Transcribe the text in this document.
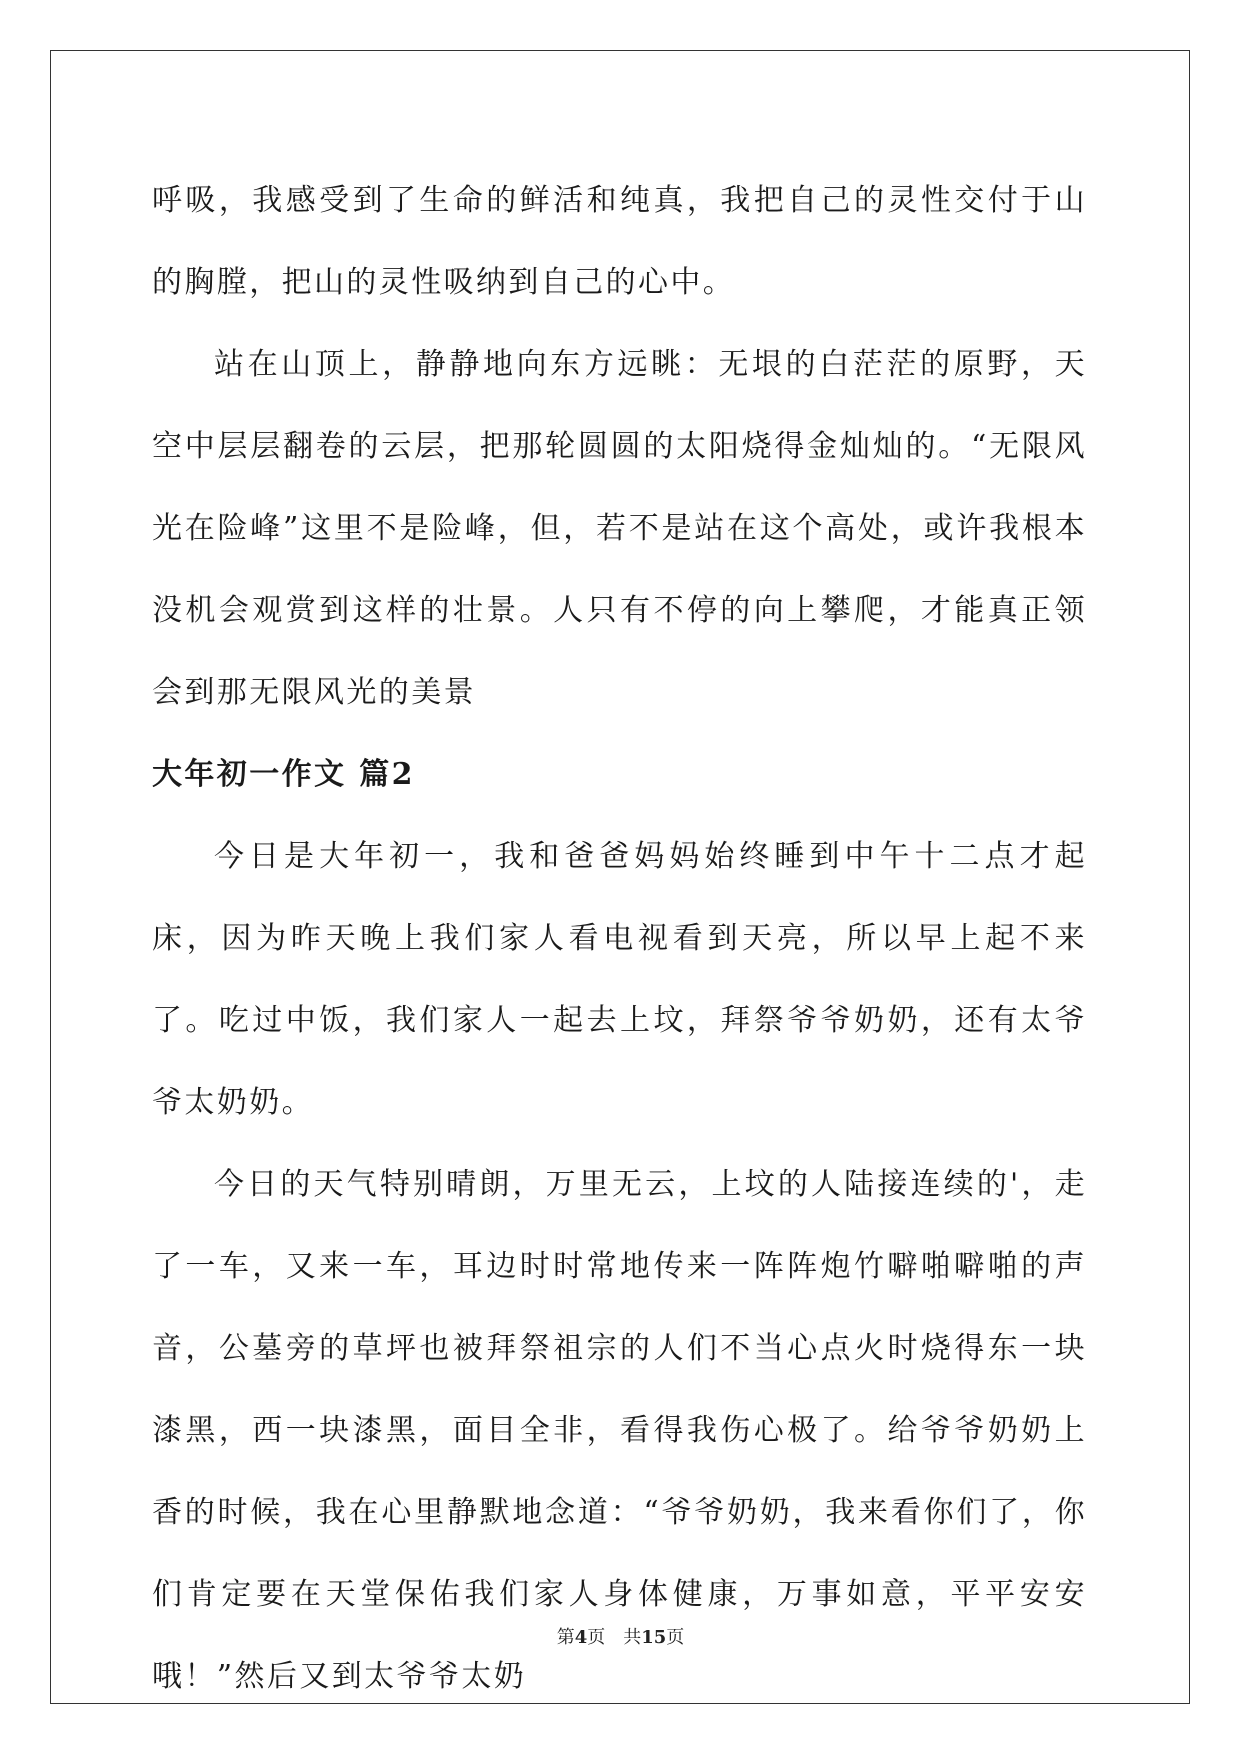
呼吸，我感受到了生命的鲜活和纯真，我把自己的灵性交付于山的胸膛，把山的灵性吸纳到自己的心中。

站在山顶上，静静地向东方远眺：无垠的白茫茫的原野，天空中层层翻卷的云层，把那轮圆圆的太阳烧得金灿灿的。“无限风光在险峰”这里不是险峰，但，若不是站在这个高处，或许我根本没机会观赏到这样的壮景。人只有不停的向上攀爬，才能真正领会到那无限风光的美景

大年初一作文 篇2

今日是大年初一，我和爸爸妈妈始终睡到中午十二点才起床，因为昨天晚上我们家人看电视看到天亮，所以早上起不来了。吃过中饭，我们家人一起去上坟，拜祭爷爷奶奶，还有太爷爷太奶奶。

今日的天气特别晴朗，万里无云，上坟的人陆接连续的'，走了一车，又来一车，耳边时时常地传来一阵阵炮竹噼啪噼啪的声音，公墓旁的草坪也被拜祭祖宗的人们不当心点火时烧得东一块漆黑，西一块漆黑，面目全非，看得我伤心极了。给爷爷奶奶上香的时候，我在心里静默地念道：“爷爷奶奶，我来看你们了，你们肯定要在天堂保佑我们家人身体健康，万事如意，平平安安哦！”然后又到太爷爷太奶

第4页 共15页
